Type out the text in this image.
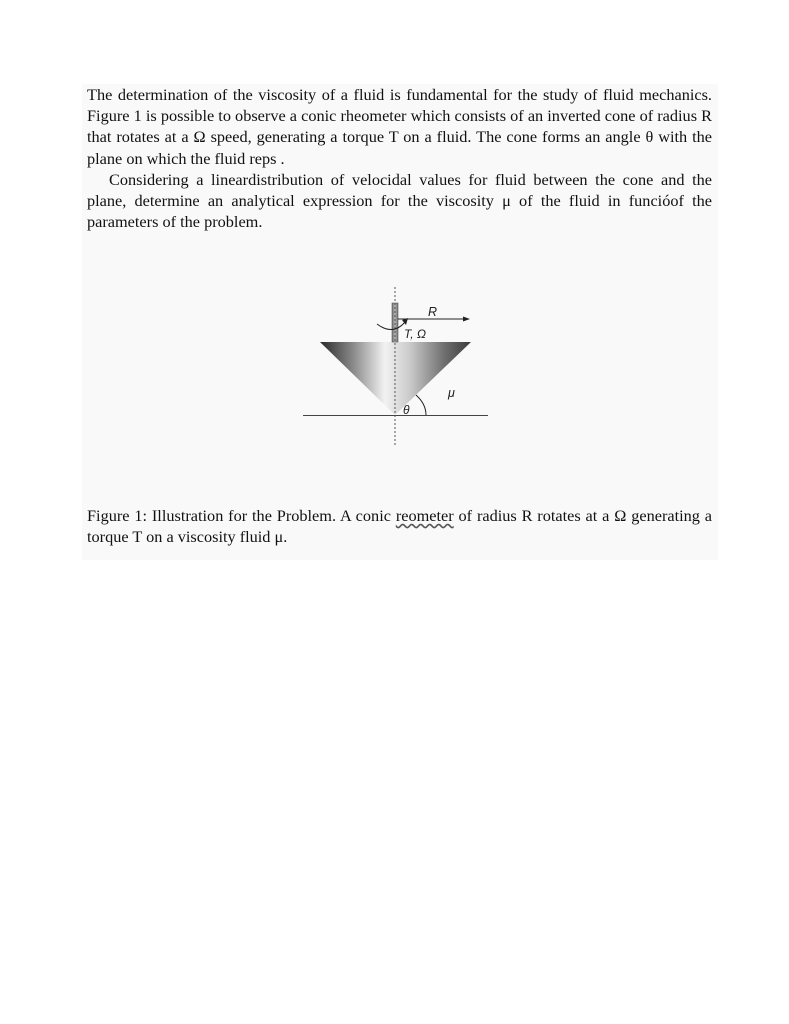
The determination of the viscosity of a fluid is fundamental for the study of fluid mechanics. Figure 1 is possible to observe a conic rheometer which consists of an inverted cone of radius R that rotates at a Ω speed, generating a torque T on a fluid. The cone forms an angle θ with the plane on which the fluid reps .

Considering a lineardistribution of velocidal values for fluid between the cone and the plane, determine an analytical expression for the viscosity μ of the fluid in funcióof the parameters of the problem.

R
T, Ω
μ
θ

Figure 1: Illustration for the Problem. A conic reometer of radius R rotates at a Ω generating a torque T on a viscosity fluid μ.
